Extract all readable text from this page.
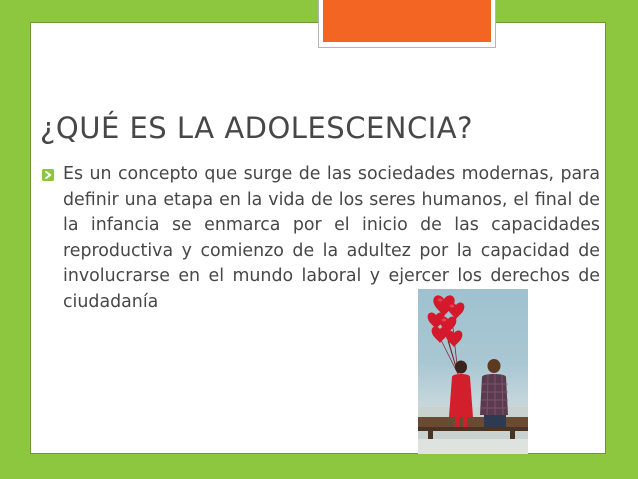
¿QUÉ ES LA ADOLESCENCIA?

Es un concepto que surge de las sociedades modernas, para definir una etapa en la vida de los seres humanos, el final de la infancia se enmarca por el inicio de las capacidades reproductiva y comienzo de la adultez por la capacidad de involucrarse en el mundo laboral y ejercer los derechos de ciudadanía
